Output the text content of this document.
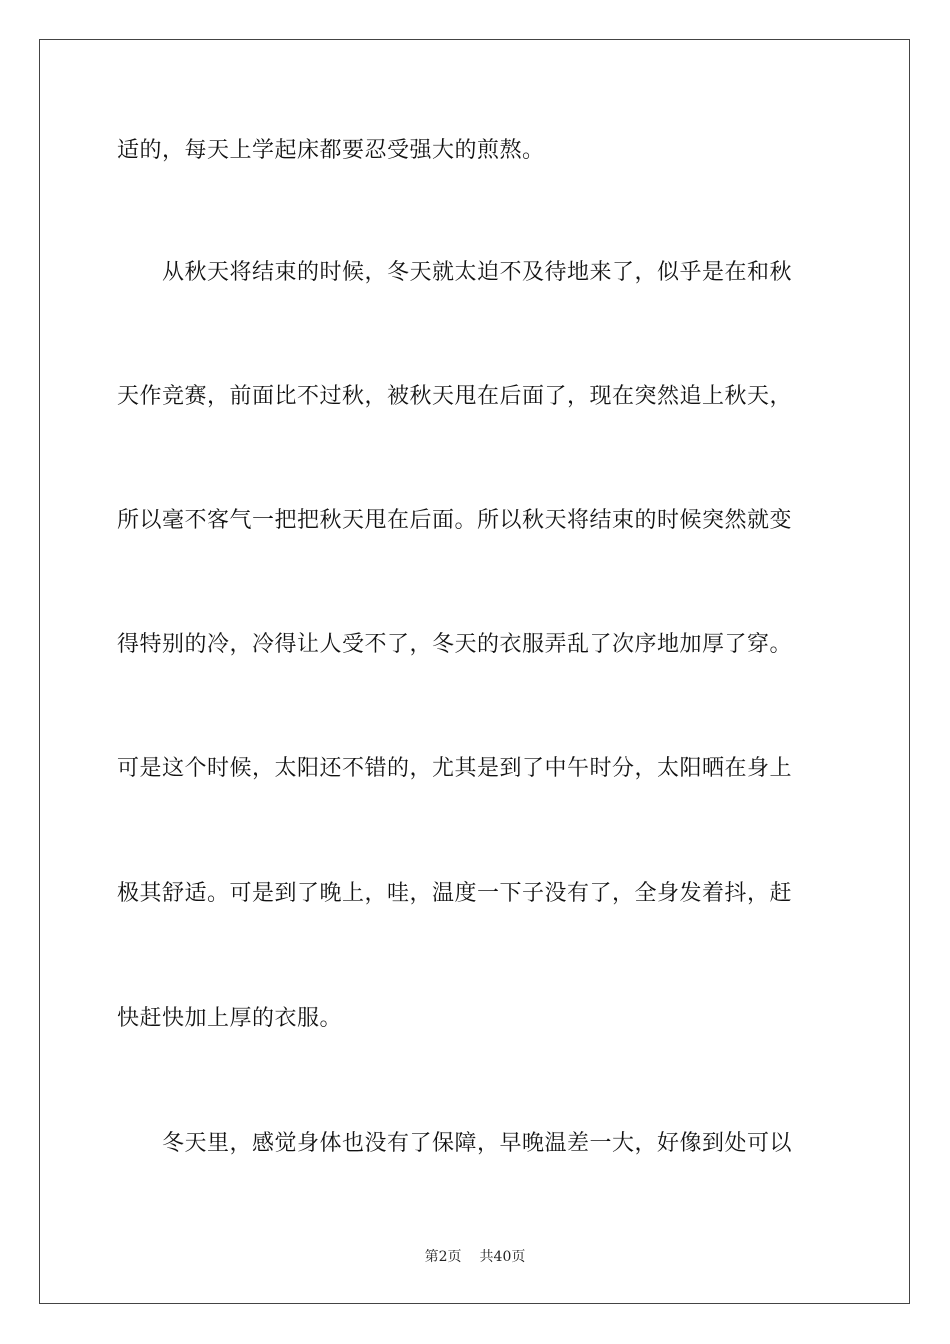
适的，每天上学起床都要忍受强大的煎熬。
　　从秋天将结束的时候，冬天就太迫不及待地来了，似乎是在和秋
天作竞赛，前面比不过秋，被秋天甩在后面了，现在突然追上秋天，
所以毫不客气一把把秋天甩在后面。所以秋天将结束的时候突然就变
得特别的冷，冷得让人受不了，冬天的衣服弄乱了次序地加厚了穿。
可是这个时候，太阳还不错的，尤其是到了中午时分，太阳晒在身上
极其舒适。可是到了晚上，哇，温度一下子没有了，全身发着抖，赶
快赶快加上厚的衣服。
　　冬天里，感觉身体也没有了保障，早晚温差一大，好像到处可以
第2页 共40页
